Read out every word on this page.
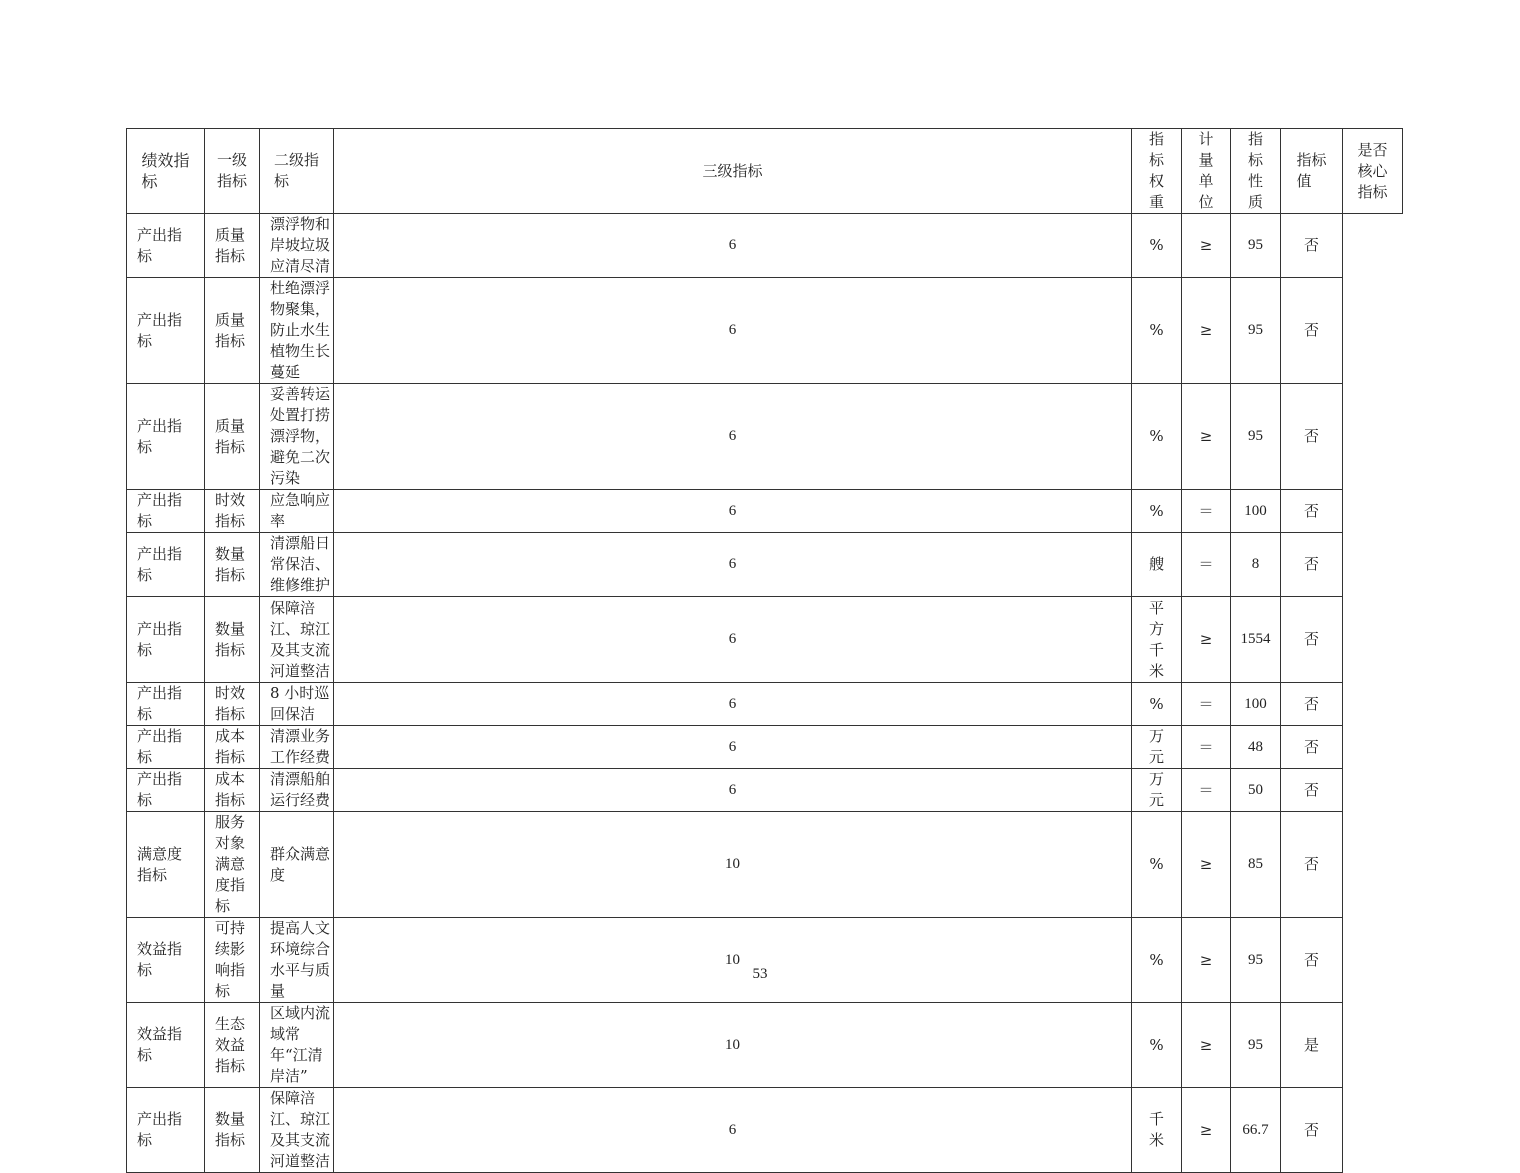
绩效指标	一级指标	二级指标	三级指标	指标权重	计量单位	指标性质	指标值	是否核心指标

产出指标	质量指标	漂浮物和岸坡垃圾应清尽清	6	%	≥	95	否	
产出指标	质量指标	杜绝漂浮物聚集，防止水生植物生长蔓延	6	%	≥	95	否	
产出指标	质量指标	妥善转运处置打捞漂浮物，避免二次污染	6	%	≥	95	否	
产出指标	时效指标	应急响应率	6	%	＝	100	否	
产出指标	数量指标	清漂船日常保洁、维修维护	6	艘	＝	8	否	
产出指标	数量指标	保障涪江、琼江及其支流河道整洁	6	平方千米	≥	1554	否	
产出指标	时效指标	8 小时巡回保洁	6	%	＝	100	否	
产出指标	成本指标	清漂业务工作经费	6	万元	＝	48	否	
产出指标	成本指标	清漂船舶运行经费	6	万元	＝	50	否	
满意度指标	服务对象满意度指标	群众满意度	10	%	≥	85	否	
效益指标	可持续影响指标	提高人文环境综合水平与质量	10	%	≥	95	否	
效益指标	生态效益指标	区域内流域常年“江清岸洁”	10	%	≥	95	是	
产出指标	数量指标	保障涪江、琼江及其支流河道整洁	6	千米	≥	66.7	否	
53
